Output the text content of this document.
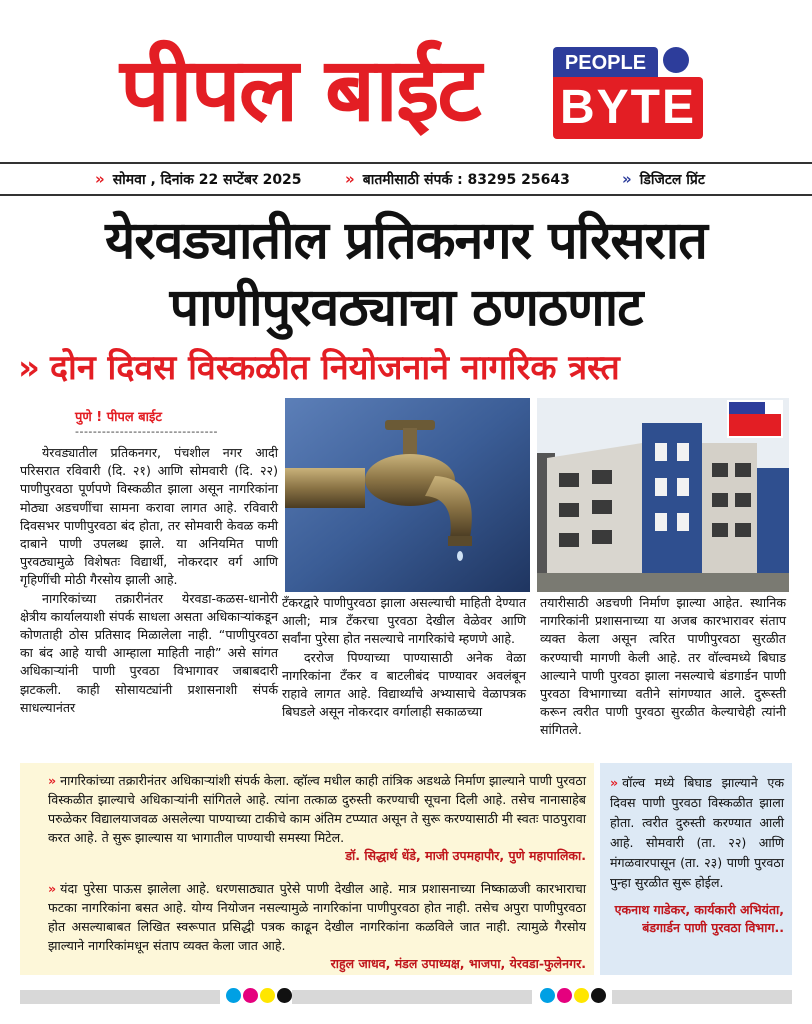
पीपल बाईट	PEOPLE
BYTE
» सोमवा , दिनांक 22 सप्टेंबर 2025	» बातमीसाठी संपर्क : 83295 25643	» डिजिटल प्रिंट
येरवड्यातील प्रतिकनगर परिसरात
पाणीपुरवठ्याचा ठणठणाट
» दोन दिवस विस्कळीत नियोजनाने नागरिक त्रस्त
पुणे ! पीपल बाईट
--------------------------------

येरवड्यातील प्रतिकनगर, पंचशील नगर आदी परिसरात रविवारी (दि. २१) आणि सोमवारी (दि. २२) पाणीपुरवठा पूर्णपणे विस्कळीत झाला असून नागरिकांना मोठ्या अडचणींचा सामना करावा लागत आहे. रविवारी दिवसभर पाणीपुरवठा बंद होता, तर सोमवारी केवळ कमी दाबाने पाणी उपलब्ध झाले. या अनियमित पाणी पुरवठ्यामुळे विशेषतः विद्यार्थी, नोकरदार वर्ग आणि गृहिणींची मोठी गैरसोय झाली आहे.

नागरिकांच्या तक्रारीनंतर येरवडा-कळस-धानोरी क्षेत्रीय कार्यालयाशी संपर्क साधला असता अधिकाऱ्यांकडून कोणताही ठोस प्रतिसाद मिळालेला नाही. “पाणीपुरवठा का बंद आहे याची आम्हाला माहिती नाही” असे सांगत अधिकाऱ्यांनी पाणी पुरवठा विभागावर जबाबदारी झटकली. काही सोसायट्यांनी प्रशासनाशी संपर्क साधल्यानंतर

टँकरद्वारे पाणीपुरवठा झाला असल्याची माहिती देण्यात आली; मात्र टँकरचा पुरवठा देखील वेळेवर आणि सर्वांना पुरेसा होत नसल्याचे नागरिकांचे म्हणणे आहे.

दररोज पिण्याच्या पाण्यासाठी अनेक वेळा नागरिकांना टँकर व बाटलीबंद पाण्यावर अवलंबून राहावे लागत आहे. विद्यार्थ्यांचे अभ्यासाचे वेळापत्रक बिघडले असून नोकरदार वर्गालाही सकाळच्या

तयारीसाठी अडचणी निर्माण झाल्या आहेत. स्थानिक नागरिकांनी प्रशासनाच्या या अजब कारभारावर संताप व्यक्त केला असून त्वरित पाणीपुरवठा सुरळीत करण्याची मागणी केली आहे. तर वॉल्वमध्ये बिघाड आल्याने पाणी पुरवठा झाला नसल्याचे बंडगार्डन पाणी पुरवठा विभागाच्या वतीने सांगण्यात आले. दुरूस्ती करून त्वरीत पाणी पुरवठा सुरळीत केल्याचेही त्यांनी सांगितले.

» नागरिकांच्या तक्रारीनंतर अधिकाऱ्यांशी संपर्क केला. व्हॉल्व मधील काही तांत्रिक अडथळे निर्माण झाल्याने पाणी पुरवठा विस्कळीत झाल्याचे अधिकाऱ्यांनी सांगितले आहे. त्यांना तत्काळ दुरुस्ती करण्याची सूचना दिली आहे. तसेच नानासाहेब परुळेकर विद्यालयाजवळ असलेल्या पाण्याच्या टाकीचे काम अंतिम टप्प्यात असून ते सुरू करण्यासाठी मी स्वतः पाठपुरावा करत आहे. ते सुरू झाल्यास या भागातील पाण्याची समस्या मिटेल.
डॉ. सिद्धार्थ धेंडे, माजी उपमहापौर, पुणे महापालिका.
» यंदा पुरेसा पाऊस झालेला आहे. धरणसाठ्यात पुरेसे पाणी देखील आहे. मात्र प्रशासनाच्या निष्काळजी कारभाराचा फटका नागरिकांना बसत आहे. योग्य नियोजन नसल्यामुळे नागरिकांना पाणीपुरवठा होत नाही. तसेच अपुरा पाणीपुरवठा होत असल्याबाबत लिखित स्वरूपात प्रसिद्धी पत्रक काढून देखील नागरिकांना कळविले जात नाही. त्यामुळे गैरसोय झाल्याने नागरिकांमधून संताप व्यक्त केला जात आहे.
राहुल जाधव, मंडल उपाध्यक्ष, भाजपा, येरवडा-फुलेनगर.
» वॉल्व मध्ये बिघाड झाल्याने एक दिवस पाणी पुरवठा विस्कळीत झाला होता. त्वरीत दुरुस्ती करण्यात आली आहे. सोमवारी (ता. २२) आणि मंगळवारपासून (ता. २३) पाणी पुरवठा पुन्हा सुरळीत सुरू होईल.
एकनाथ गाडेकर, कार्यकारी अभियंता, बंडगार्डन पाणी पुरवठा विभाग..
